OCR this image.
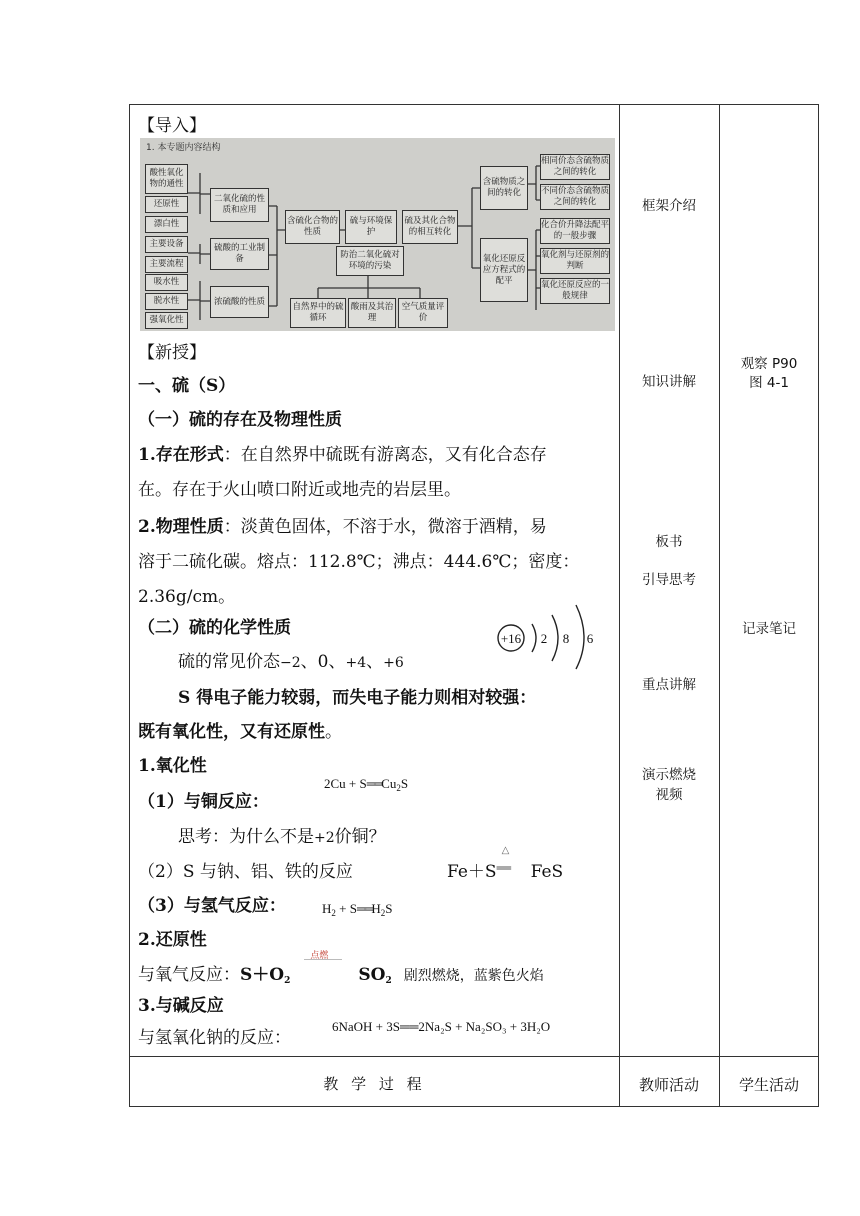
【导入】
1. 本专题内容结构
酸性氧化物的通性
还原性
漂白性
主要设备
主要流程
吸水性
脱水性
强氧化性
二氧化硫的性质和应用
硫酸的工业制备
浓硫酸的性质
含硫化合物的性质
硫与环境保护
硫及其化合物的相互转化
防治二氧化硫对环境的污染
自然界中的硫循环
酸雨及其治理
空气质量评价
含硫物质之间的转化
氧化还原反应方程式的配平
相同价态含硫物质之间的转化
不同价态含硫物质之间的转化
化合价升降法配平的一般步骤
氧化剂与还原剂的判断
氧化还原反应的一般规律
【新授】
一、硫（S）
（一）硫的存在及物理性质
1.存在形式：在自然界中硫既有游离态，又有化合态存
在。存在于火山喷口附近或地壳的岩层里。
2.物理性质：淡黄色固体，不溶于水，微溶于酒精，易
溶于二硫化碳。熔点：112.8℃；沸点：444.6℃；密度：
2.36g/cm。
（二）硫的化学性质
硫的常见价态−2、0、+4、+6
+16 2 8 6
S 得电子能力较弱，而失电子能力则相对较强：
既有氧化性，又有还原性。
1.氧化性
（1）与铜反应：
$2Cu + S══Cu_2S$
思考：为什么不是+2价铜？
（2）S 与钠、铝、铁的反应	Fe＋S
△
══ FeS
（3）与氢气反应：	$H_2$ + $S══H_2S$
2.还原性
与氧气反应：$S+O_2$
点燃
$SO_2$ 剧烈燃烧，蓝紫色火焰
3.与碱反应
与氢氧化钠的反应：
6NaOH + 3S══2Na₂S + Na₂SO₃ + 3H₂O
教 学 过 程
框架介绍
知识讲解
板书
引导思考
重点讲解
演示燃烧
视频
教师活动
观察 P90
图 4-1
记录笔记
学生活动
